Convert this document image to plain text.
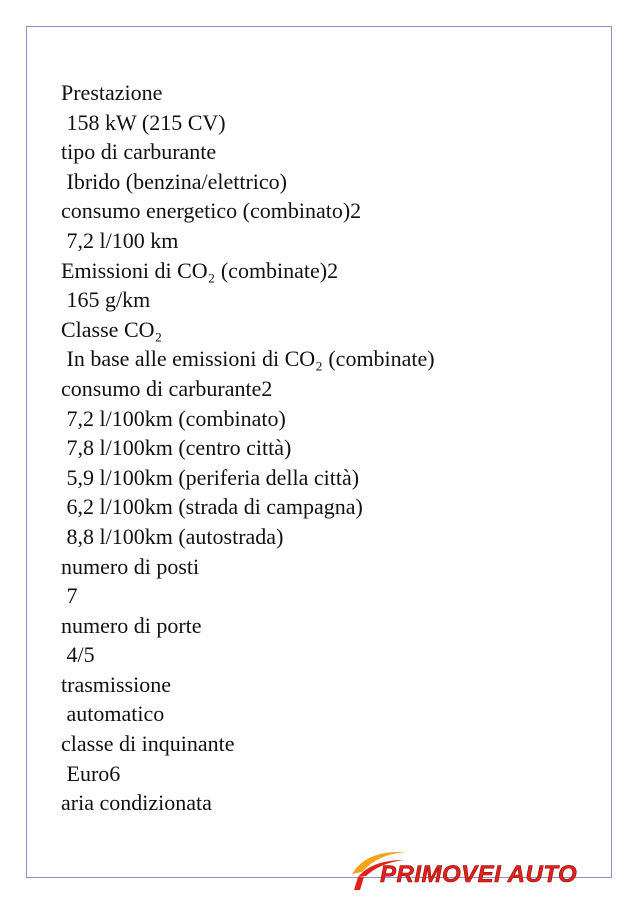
Prestazione
158 kW (215 CV)
tipo di carburante
Ibrido (benzina/elettrico)
consumo energetico (combinato)2
7,2 l/100 km
Emissioni di CO₂ (combinate)2
165 g/km
Classe CO₂
In base alle emissioni di CO₂ (combinate)
consumo di carburante2
7,2 l/100km (combinato)
7,8 l/100km (centro città)
5,9 l/100km (periferia della città)
6,2 l/100km (strada di campagna)
8,8 l/100km (autostrada)
numero di posti
7
numero di porte
4/5
trasmissione
automatico
classe di inquinante
Euro6
aria condizionata
PRIMOVEI AUTO
